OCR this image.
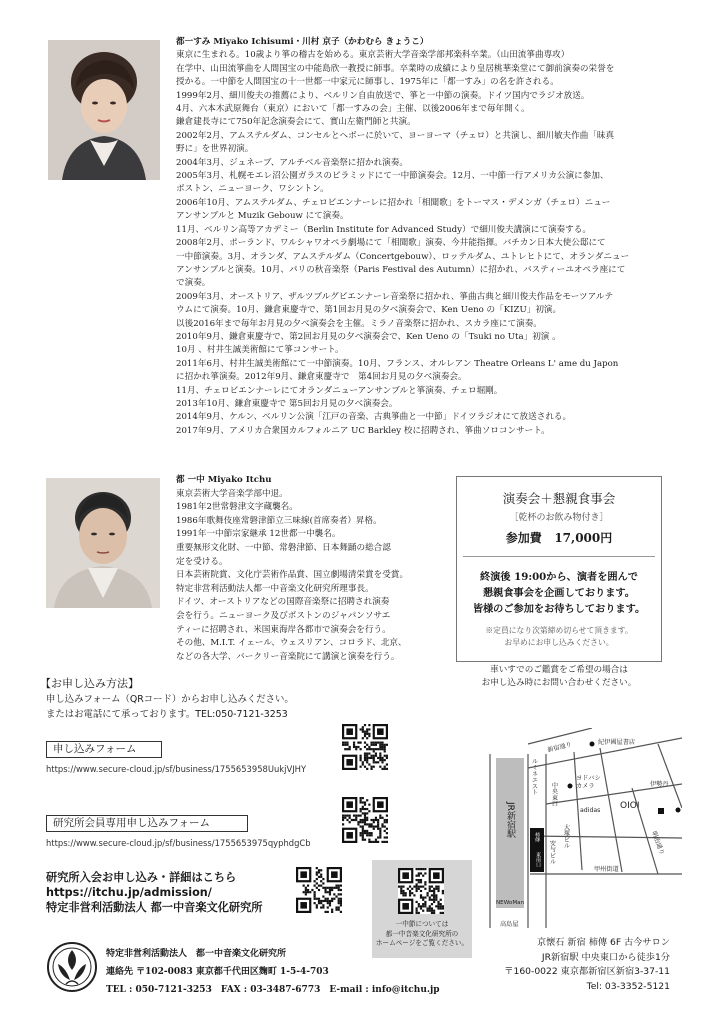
都一すみ Miyako Ichisumi・川村 京子（かわむら きょうこ）

東京に生まれる。10歳より箏の稽古を始める。東京芸術大学音楽学部邦楽科卒業。（山田流箏曲専攻）
在学中、山田流箏曲を人間国宝の中能島欣一教授に師事。卒業時の成績により皇居桃華楽堂にて御前演奏の栄誉を
授かる。一中節を人間国宝の十一世都一中家元に師事し、1975年に「都一すみ」の名を許される。
1999年2月、細川俊夫の推薦により、ベルリン自由放送で、箏と一中節の演奏。ドイツ国内でラジオ放送。
4月、六本木武原舞台（東京）において「都一すみの会」主催、以後2006年まで毎年開く。
鎌倉建長寺にて750年記念演奏会にて、實山左衛門師と共演。
2002年2月、アムステルダム、コンセルとヘボーに於いて、ヨーヨーマ（チェロ）と共演し、細川敏夫作曲「昧真
野に」を世界初演。
2004年3月、ジュネーブ、アルチベル音楽祭に招かれ演奏。
2005年3月、札幌モエレ沼公園ガラスのピラミッドにて一中節演奏会。12月、一中節一行アメリカ公演に参加、
ボストン、ニューヨーク、ワシントン。
2006年10月、アムステルダム、チェロビエンナーレに招かれ「相聞歌」をトーマス・デメンガ（チェロ）ニュー
アンサンブルと Muzik Gebouw にて演奏。
11月、ベルリン高等アカデミー（Berlin Institute for Advanced Study）で細川俊夫講演にて演奏する。
2008年2月、ポーランド、ワルシャワオペラ劇場にて「相聞歌」演奏、今井能指揮。バチカン日本大使公邸にて
一中節演奏。3月、オランダ、アムステルダム（Concertgebouw）、ロッテルダム、ユトレヒトにて、オランダニュー
アンサンブルと演奏。10月、パリの秋音楽祭（Paris Festival des Autumn）に招かれ、バスティーユオペラ座にて
で演奏。
2009年3月、オーストリア、ザルツブルグビエンナーレ音楽祭に招かれ、箏曲古典と細川俊夫作品をモーツアルテ
ウムにて演奏。10月、鎌倉東慶寺で、第1回お月見の夕べ演奏会で、Ken Ueno の「KIZU」初演。
以後2016年まで毎年お月見の夕べ演奏会を主催。ミラノ音楽祭に招かれ、スカラ座にて演奏。
2010年9月、鎌倉東慶寺で、第2回お月見の夕べ演奏会で、Ken Ueno の「Tsuki no Uta」初演 。
10月 、村井生誠美術館にて箏コンサート。
2011年6月、村井生誠美術館にて一中節演奏。10月、フランス、オルレアン Theatre Orleans L' ame du Japon
に招かれ箏演奏。2012年9月、鎌倉東慶寺で　第4回お月見の夕べ演奏会。
11月、チェロビエンナーレにてオランダニューアンサンブルと箏演奏、チェロ堀剛。
2013年10月、鎌倉東慶寺で 第5回お月見の夕べ演奏会。
2014年9月、ケルン、ベルリン公演「江戸の音楽、古典箏曲と一中節」ドイツラジオにて放送される。
2017年9月、アメリカ合衆国カルフォルニア UC Barkley 校に招聘され、箏曲ソロコンサート。

都 一中 Miyako Itchu

東京芸術大学音楽学部中退。
1981年2世常磐津文字蔵襲名。
1986年歌舞伎座常磐津節立三味線(首席奏者）昇格。
1991年一中節宗家継承 12世都一中襲名。
重要無形文化財、一中節、常磐津節、日本舞踊の総合認
定を受ける。
日本芸術院賞、文化庁芸術作品賞、国立劇場清栄賞を受賞。
特定非営利活動法人都一中音楽文化研究所理事長。
ドイツ、オーストリアなどの国際音楽祭に招聘され演奏
会を行う。ニューヨーク及びボストンのジャパンソサエ
ティーに招聘され、米国東海岸各都市で演奏会を行う。
その他、M.I.T. イェール、ウェスリアン、コロラド、北京、
などの各大学、バークリー音楽院にて講演と演奏を行う。
演奏会＋懇親食事会
［乾杯のお飲み物付き］
参加費 17,000円
終演後 19:00から、演者を囲んで
懇親食事会を企画しております。
皆様のご参加をお待ちしております。
※定員になり次第締め切らせて頂きます。
お早めにお申し込みください。
車いすでのご鑑賞をご希望の場合は
お申し込み時にお問い合わせください。
【お申し込み方法】
申し込みフォーム（QRコード）からお申し込みください。
またはお電話にて承っております。TEL:050-7121-3253
申し込みフォーム
https://www.secure-cloud.jp/sf/business/1755653958UukjVJHY
研究所会員専用申し込みフォーム
https://www.secure-cloud.jp/sf/business/1755653975qyphdgCb
研究所入会お申し込み・詳細はこちら
https://itchu.jp/admission/
特定非営利活動法人 都一中音楽文化研究所
一中節については
都一中音楽文化研究所の
ホームページをご覧ください。
特定非営利活動法人　都一中音楽文化研究所
連絡先 〒102-0083 東京都千代田区麹町 1-5-4-703
TEL : 050-7121-3253　FAX : 03-3487-6773　E-mail : info@itchu.jp
新宿通り	紀伊國屋書店
ヨドバシ
カメラ	伊勢丹
ルミネエスト 中央東口
adidas OIOI
JR新宿駅	柿傳
安与ビル
東南口
大塚ビル	明治通り
甲州街道
NEWoMan
高島屋
京懐石 新宿 柿傳 6F 古今サロン
JR新宿駅 中央東口から徒歩1分
〒160-0022 東京都新宿区新宿3-37-11
Tel: 03-3352-5121
